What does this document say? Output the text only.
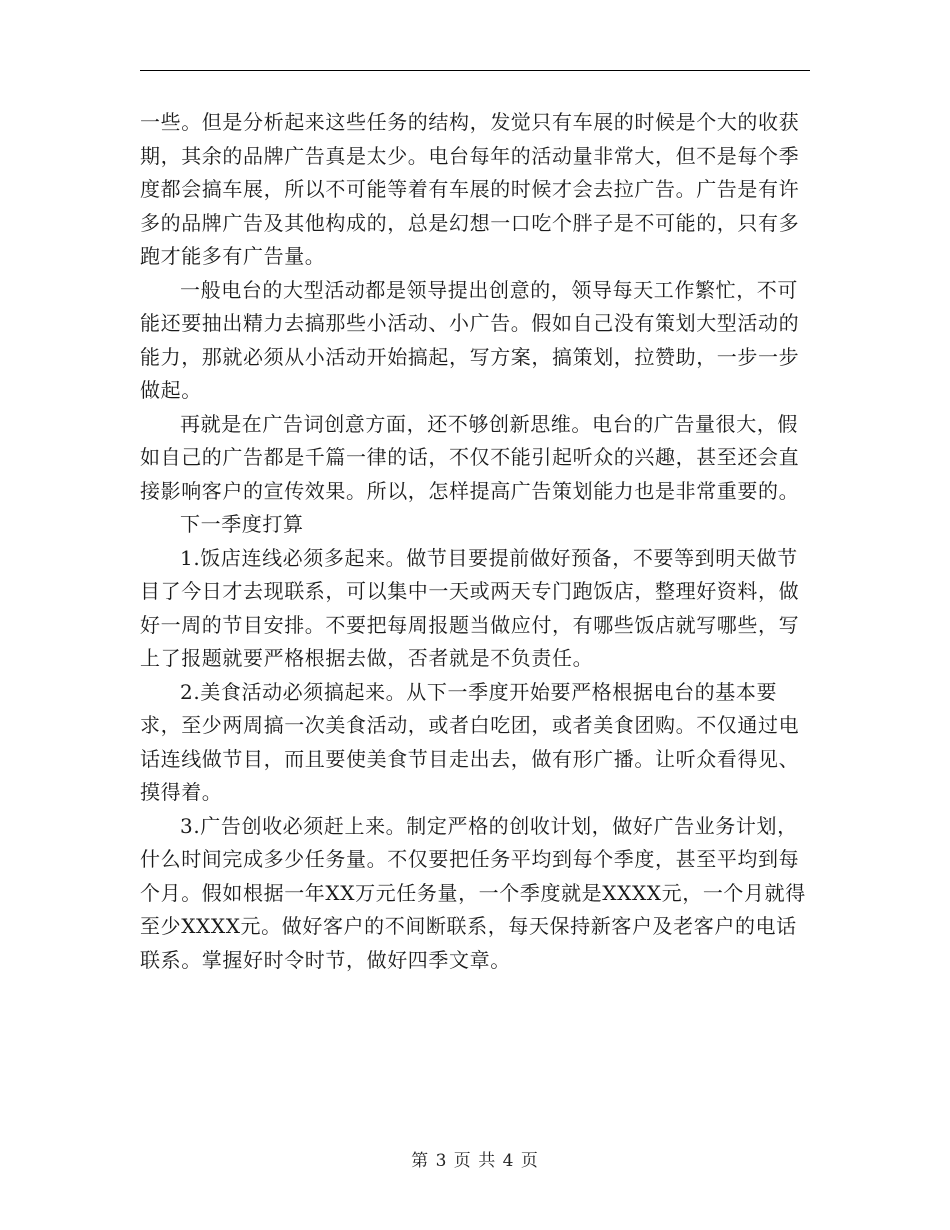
一些。但是分析起来这些任务的结构，发觉只有车展的时候是个大的收获期，其余的品牌广告真是太少。电台每年的活动量非常大，但不是每个季度都会搞车展，所以不可能等着有车展的时候才会去拉广告。广告是有许多的品牌广告及其他构成的，总是幻想一口吃个胖子是不可能的，只有多跑才能多有广告量。

一般电台的大型活动都是领导提出创意的，领导每天工作繁忙，不可能还要抽出精力去搞那些小活动、小广告。假如自己没有策划大型活动的能力，那就必须从小活动开始搞起，写方案，搞策划，拉赞助，一步一步做起。

再就是在广告词创意方面，还不够创新思维。电台的广告量很大，假如自己的广告都是千篇一律的话，不仅不能引起听众的兴趣，甚至还会直接影响客户的宣传效果。所以，怎样提高广告策划能力也是非常重要的。

下一季度打算

1.饭店连线必须多起来。做节目要提前做好预备，不要等到明天做节目了今日才去现联系，可以集中一天或两天专门跑饭店，整理好资料，做好一周的节目安排。不要把每周报题当做应付，有哪些饭店就写哪些，写上了报题就要严格根据去做，否者就是不负责任。

2.美食活动必须搞起来。从下一季度开始要严格根据电台的基本要求，至少两周搞一次美食活动，或者白吃团，或者美食团购。不仅通过电话连线做节目，而且要使美食节目走出去，做有形广播。让听众看得见、摸得着。

3.广告创收必须赶上来。制定严格的创收计划，做好广告业务计划，什么时间完成多少任务量。不仅要把任务平均到每个季度，甚至平均到每个月。假如根据一年XX万元任务量，一个季度就是XXXX元，一个月就得至少XXXX元。做好客户的不间断联系，每天保持新客户及老客户的电话联系。掌握好时令时节，做好四季文章。

第 3 页 共 4 页
